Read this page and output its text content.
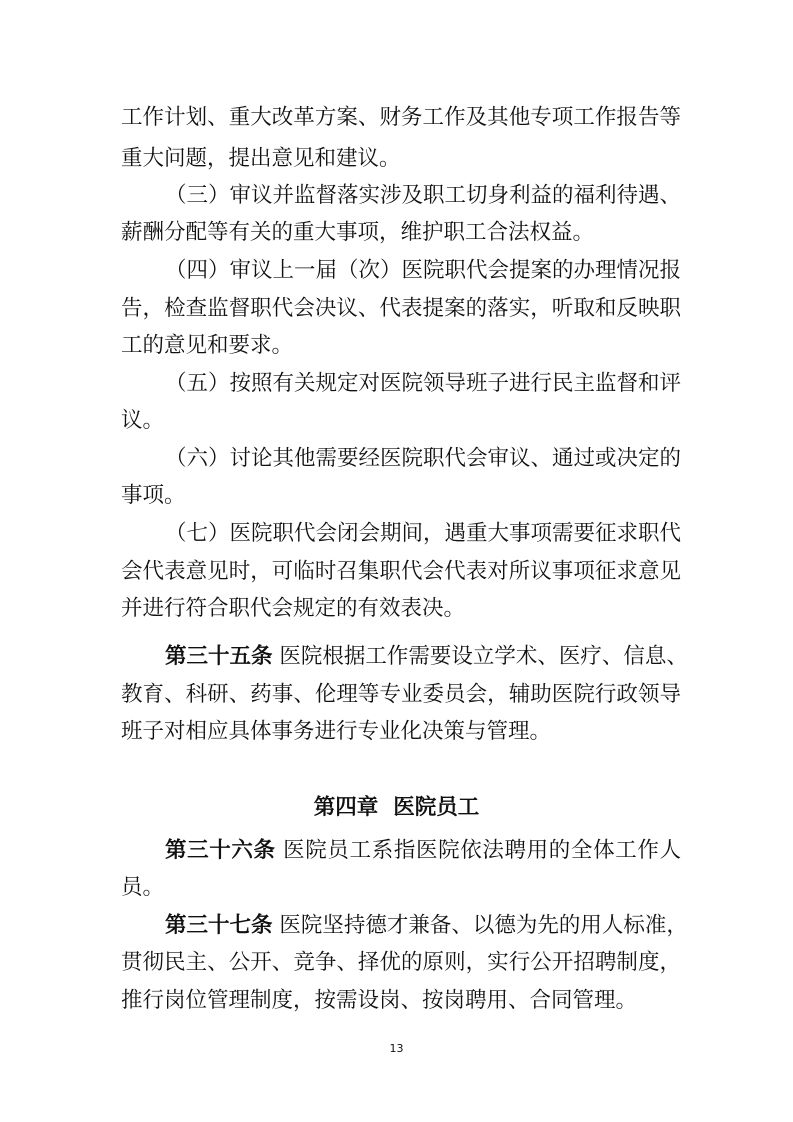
工作计划、重大改革方案、财务工作及其他专项工作报告等
重大问题，提出意见和建议。
（三）审议并监督落实涉及职工切身利益的福利待遇、
薪酬分配等有关的重大事项，维护职工合法权益。
（四）审议上一届（次）医院职代会提案的办理情况报
告，检查监督职代会决议、代表提案的落实，听取和反映职
工的意见和要求。
（五）按照有关规定对医院领导班子进行民主监督和评
议。
（六）讨论其他需要经医院职代会审议、通过或决定的
事项。
（七）医院职代会闭会期间，遇重大事项需要征求职代
会代表意见时，可临时召集职代会代表对所议事项征求意见
并进行符合职代会规定的有效表决。
第三十五条 医院根据工作需要设立学术、医疗、信息、
教育、科研、药事、伦理等专业委员会，辅助医院行政领导
班子对相应具体事务进行专业化决策与管理。
第四章  医院员工
第三十六条 医院员工系指医院依法聘用的全体工作人
员。
第三十七条 医院坚持德才兼备、以德为先的用人标准，
贯彻民主、公开、竞争、择优的原则，实行公开招聘制度，
推行岗位管理制度，按需设岗、按岗聘用、合同管理。
13
